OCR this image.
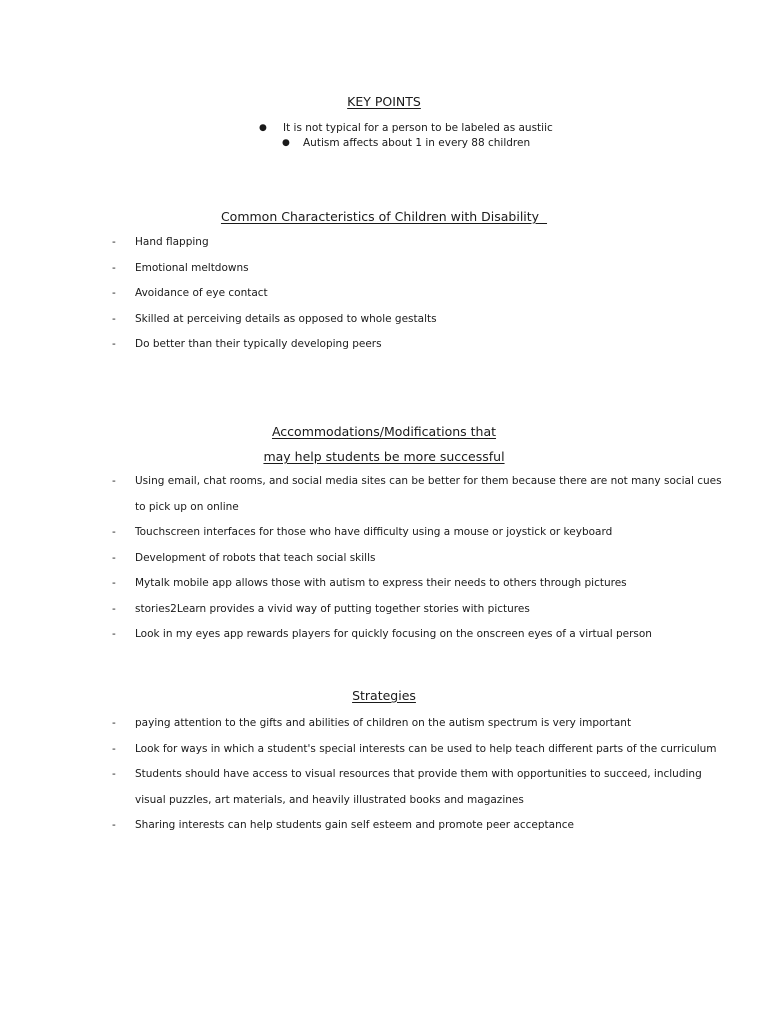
KEY POINTS
● It is not typical for a person to be labeled as austiic
● Autism affects about 1 in every 88 children
Common Characteristics of Children with Disability
- Hand flapping
- Emotional meltdowns
- Avoidance of eye contact
- Skilled at perceiving details as opposed to whole gestalts
- Do better than their typically developing peers
Accommodations/Modifications that
may help students be more successful
- Using email, chat rooms, and social media sites can be better for them because there are not many social cues
to pick up on online
- Touchscreen interfaces for those who have difficulty using a mouse or joystick or keyboard
- Development of robots that teach social skills
- Mytalk mobile app allows those with autism to express their needs to others through pictures
- stories2Learn provides a vivid way of putting together stories with pictures
- Look in my eyes app rewards players for quickly focusing on the onscreen eyes of a virtual person
Strategies
- paying attention to the gifts and abilities of children on the autism spectrum is very important
- Look for ways in which a student's special interests can be used to help teach different parts of the curriculum
- Students should have access to visual resources that provide them with opportunities to succeed, including
visual puzzles, art materials, and heavily illustrated books and magazines
- Sharing interests can help students gain self esteem and promote peer acceptance
